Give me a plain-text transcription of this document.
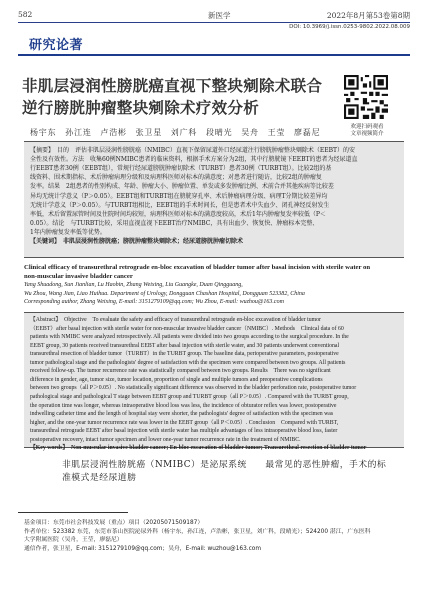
582	新医学	2022年8月第53卷第8期
DOI: 10.3969/j.issn.0253-9802.2022.08.009
研究论著
非肌层浸润性膀胱癌直视下整块剜除术联合
逆行膀胱肿瘤整块剜除术疗效分析
杨宇东　孙江连　卢浩彬　张卫星　刘广科　段晴光　吴舟　王莹　廖磊尼
欢迎扫码观看
文章视频简介

【摘要】　目的　评估非肌层浸润性膀胱癌（NMIBC）直视下保留尿道外口经尿道注行膀胱肿瘤整块剜除术（EEBT）的安

全性及有效性。方法　收集60例NMIBC患者的临床资料，根据手术方案分为2组，其中行膀胱镜下EEBT的患者为经尿道直

行EEBT患者30例（EEBT组），常规行经尿道膀胱肿瘤切除术（TURBT）患者30例（TURBT组）。比较2组的基

线资料、围术期指标、术后肿瘤病理分级和及病理科医师对标本的满意度；对患者进行随访，比较2组的肿瘤复

发率。结果　2组患者的性别构成、年龄、肿瘤大小、肿瘤位置、单发或多发肿瘤比例、术前合并其他疾病等比较差

异均无统计学意义（P＞0.05）。EEBT组和TURBT组在膀胱穿孔率、术后肿瘤病理分级、病理T分期比较差异均

无统计学意义（P＞0.05）。与TURBT组相比，EEBT组的手术时间长，但是患者术中失血少、闭孔神经反射发生

率低，术后留置尿管时间及住院时间均较短，病理科医师对标本的满意度较高，术后1年内肿瘤复发率较低（P＜

0.05）。结论　与TURBT比较，采用直视直视下EEBT治疗NMIBC，具有出血少、恢复快、肿瘤标本完整、

1年内肿瘤复发率低等优势。

【关键词】　非肌层浸润性膀胱癌；膀胱肿瘤整块剜除术；经尿道膀胱肿瘤切除术

Clinical efficacy of transurethral retrograde en-bloc excavation of bladder tumor after basal incision with sterile water on
non-muscular invasive bladder cancer
Yang Shuadong, Sun Jianlian, Lu Haobin, Zhang Weixing, Liu Guangke, Duan Qingguang,
Wu Zhou, Wang Jian, Liao Huihua. Department of Urology, Dongguan Chashan Hospital, Dongguan 523382, China
Corresponding author, Zhang Weixing, E-mail: 3151279109@qq.com; Wu Zhou, E-mail: wuzhou@163.com

【Abstract】　Objective　To evaluate the safety and efficacy of transurethral retrograde en-bloc excavation of bladder tumor

（EEBT）after basal injection with sterile water for non-muscular invasive bladder cancer（NMIBC）. Methods　Clinical data of 60

patients with NMIBC were analyzed retrospectively. All patients were divided into two groups according to the surgical procedure. In the

EEBT group, 30 patients received transurethral EEBT after basal injection with sterile water, and 30 patients underwent conventional

transurethral resection of bladder tumor（TURBT）in the TURBT group. The baseline data, perioperative parameters, postoperative

tumor pathological stage and the pathologists' degree of satisfaction with the specimen were compared between two groups. All patients

received follow-up. The tumor recurrence rate was statistically compared between two groups. Results　There was no significant

difference in gender, age, tumor size, tumor location, proportion of single and multiple tumors and preoperative complications

between two groups（all P＞0.05）. No statistically significant difference was observed in the bladder perforation rate, postoperative tumor

pathological stage and pathological T stage between EEBT group and TURBT group（all P＞0.05）. Compared with the TURBT group,

the operation time was longer, whereas intraoperative blood loss was less, the incidence of obturator reflex was lower, postoperative

indwelling catheter time and the length of hospital stay were shorter, the pathologists' degree of satisfaction with the specimen was

higher, and the one-year tumor recurrence rate was lower in the EEBT group（all P＜0.05）. Conclusion　Compared with TURBT,

transurethral retrograde EEBT after basal injection with sterile water has multiple advantages of less intraoperative blood loss, faster

postoperative recovery, intact tumor specimen and lower one-year tumor recurrence rate in the treatment of NMIBC.

【Key words】　Non-muscular invasive bladder cancer; En-bloc excavation of bladder tumor; Transurethral resection of bladder tumor

非肌层浸润性膀胱癌（NMIBC）是泌尿系统　　最常见的恶性肿瘤，手术的标准模式是经尿道膀

基金项目：东莞市社会科技发展（重点）项目（20205071509187）

作者单位：523382 东莞，东莞市茶山医院泌尿外科（杨宇东，孙江连，卢浩彬，张卫星，刘广科，段晴光）；524200 湛江，广东医科

大学附属医院（吴舟，王莹，廖磊尼）

通信作者，张卫星，E-mail: 3151279109@qq.com；吴舟，E-mail: wuzhou@163.com
